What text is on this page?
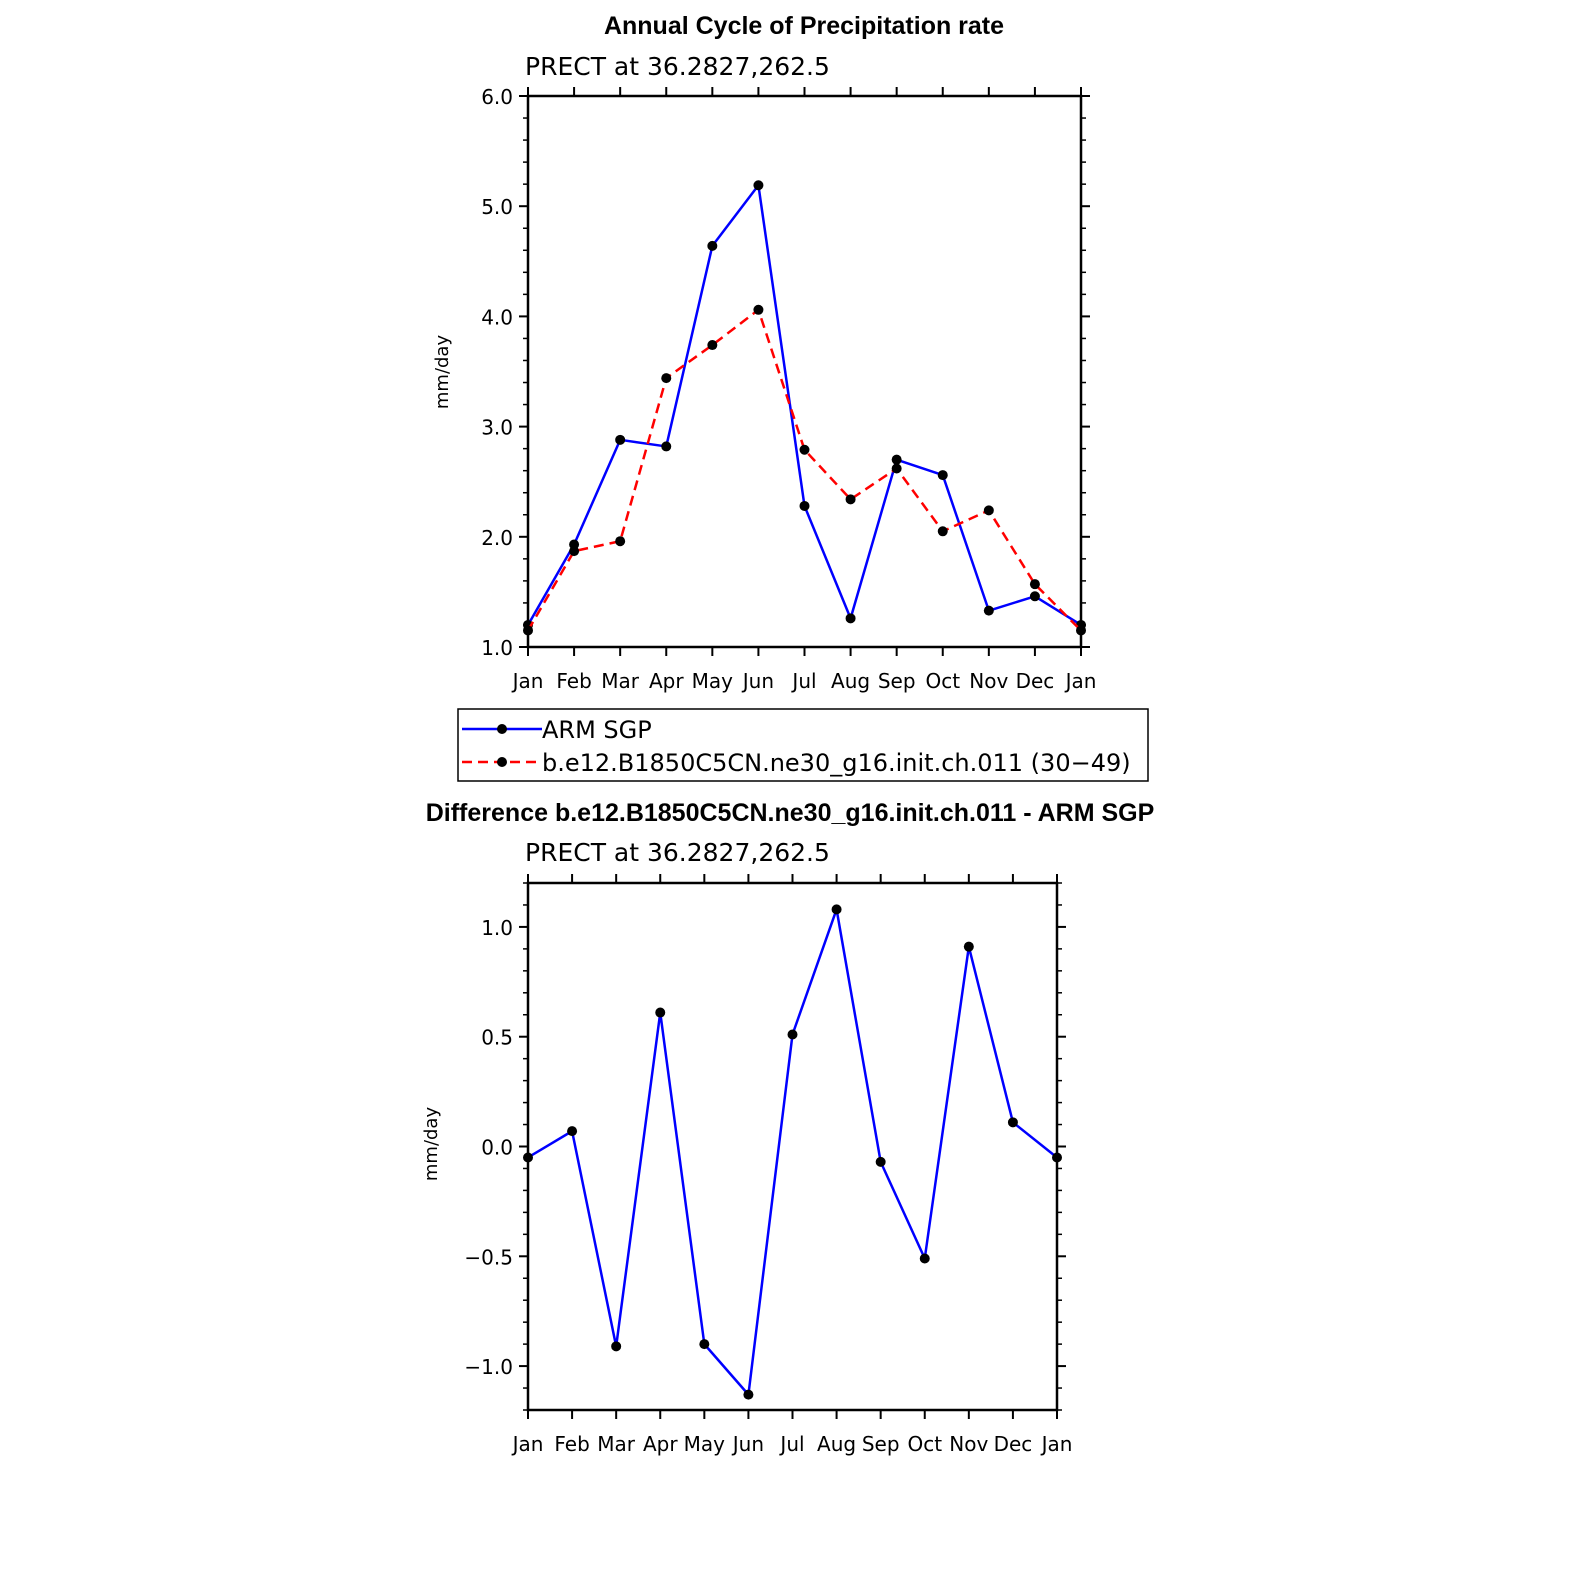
Annual Cycle of Precipitation rate
PRECT at 36.2827,262.5
mm/day
Jan Feb Mar Apr May Jun Jul Aug Sep Oct Nov Dec Jan
1.0
2.0
3.0
4.0
5.0
6.0
ARM SGP
b.e12.B1850C5CN.ne30_g16.init.ch.011 (30−49)
Difference b.e12.B1850C5CN.ne30_g16.init.ch.011 - ARM SGP
PRECT at 36.2827,262.5
mm/day
Jan Feb Mar Apr May Jun Jul Aug Sep Oct Nov Dec Jan
−1.0
−0.5
0.0
0.5
1.0
